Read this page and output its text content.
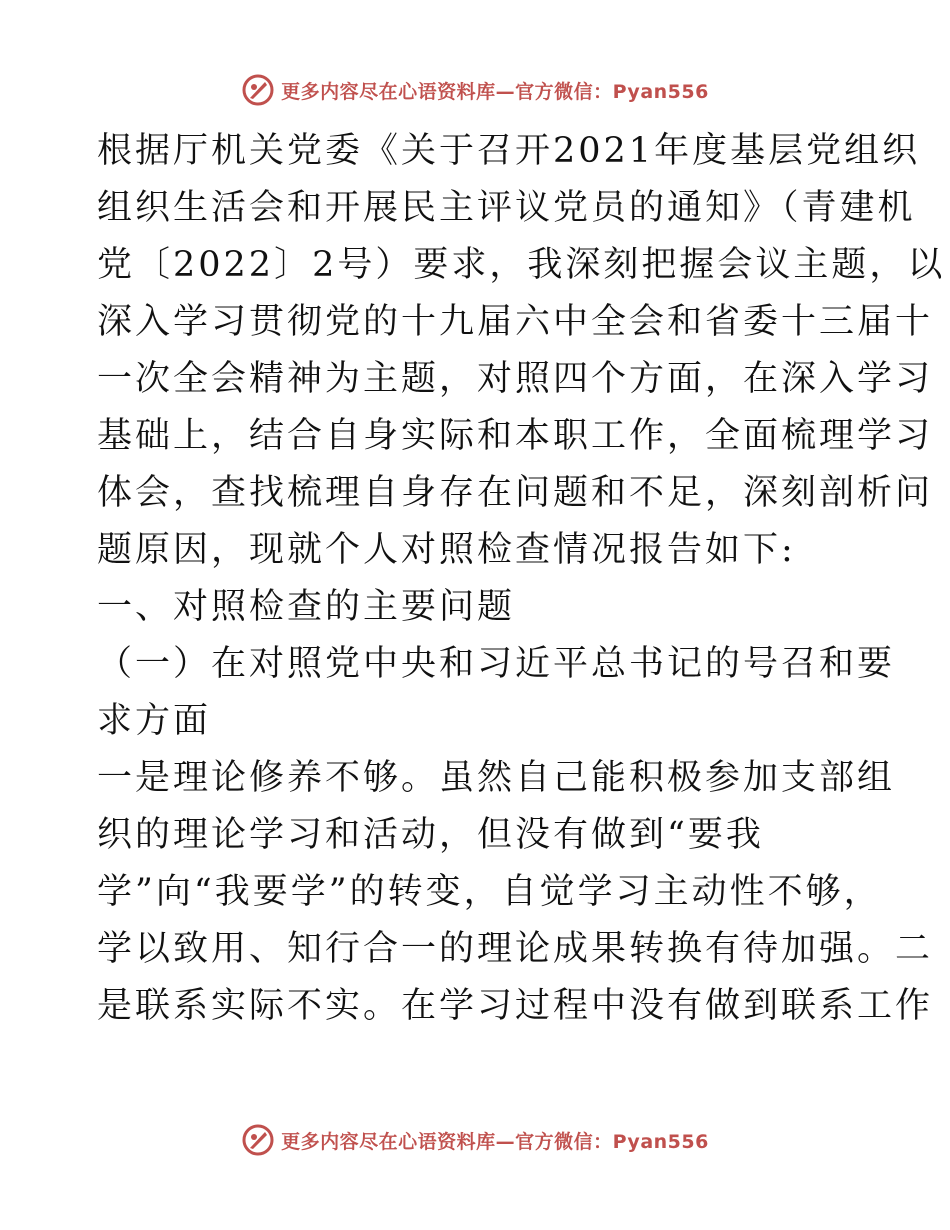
更多内容尽在心语资料库—官方微信：Pyan556
根据厅机关党委《关于召开2021年度基层党组织
组织生活会和开展民主评议党员的通知》（青建机
党〔2022〕2号）要求，我深刻把握会议主题，以
深入学习贯彻党的十九届六中全会和省委十三届十
一次全会精神为主题，对照四个方面，在深入学习
基础上，结合自身实际和本职工作，全面梳理学习
体会，查找梳理自身存在问题和不足，深刻剖析问
题原因，现就个人对照检查情况报告如下:
一、对照检查的主要问题
（一）在对照党中央和习近平总书记的号召和要
求方面
一是理论修养不够。虽然自己能积极参加支部组
织的理论学习和活动，但没有做到“要我
学”向“我要学”的转变，自觉学习主动性不够，
学以致用、知行合一的理论成果转换有待加强。二
是联系实际不实。在学习过程中没有做到联系工作
更多内容尽在心语资料库—官方微信：Pyan556
